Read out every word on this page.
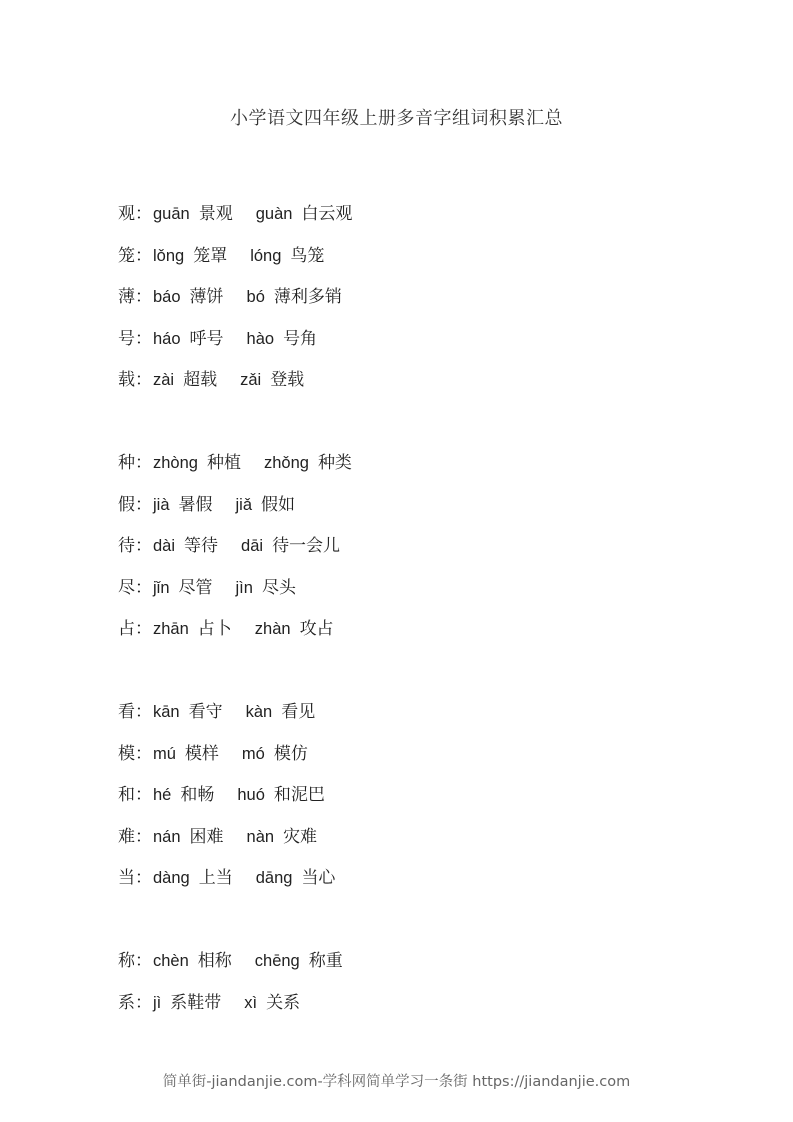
小学语文四年级上册多音字组词积累汇总
观：guān 景观 guàn 白云观
笼：lǒng 笼罩 lóng 鸟笼
薄：báo 薄饼 bó 薄利多销
号：háo 呼号 hào 号角
载：zài 超载 zǎi 登载
种：zhòng 种植 zhǒng 种类
假：jià 暑假 jiǎ 假如
待：dài 等待 dāi 待一会儿
尽：jǐn 尽管 jìn 尽头
占：zhān 占卜 zhàn 攻占
看：kān 看守 kàn 看见
模：mú 模样 mó 模仿
和：hé 和畅 huó 和泥巴
难：nán 困难 nàn 灾难
当：dàng 上当 dāng 当心
称：chèn 相称 chēng 称重
系：jì 系鞋带 xì 关系
简单街-jiandanjie.com-学科网简单学习一条街 https://jiandanjie.com
